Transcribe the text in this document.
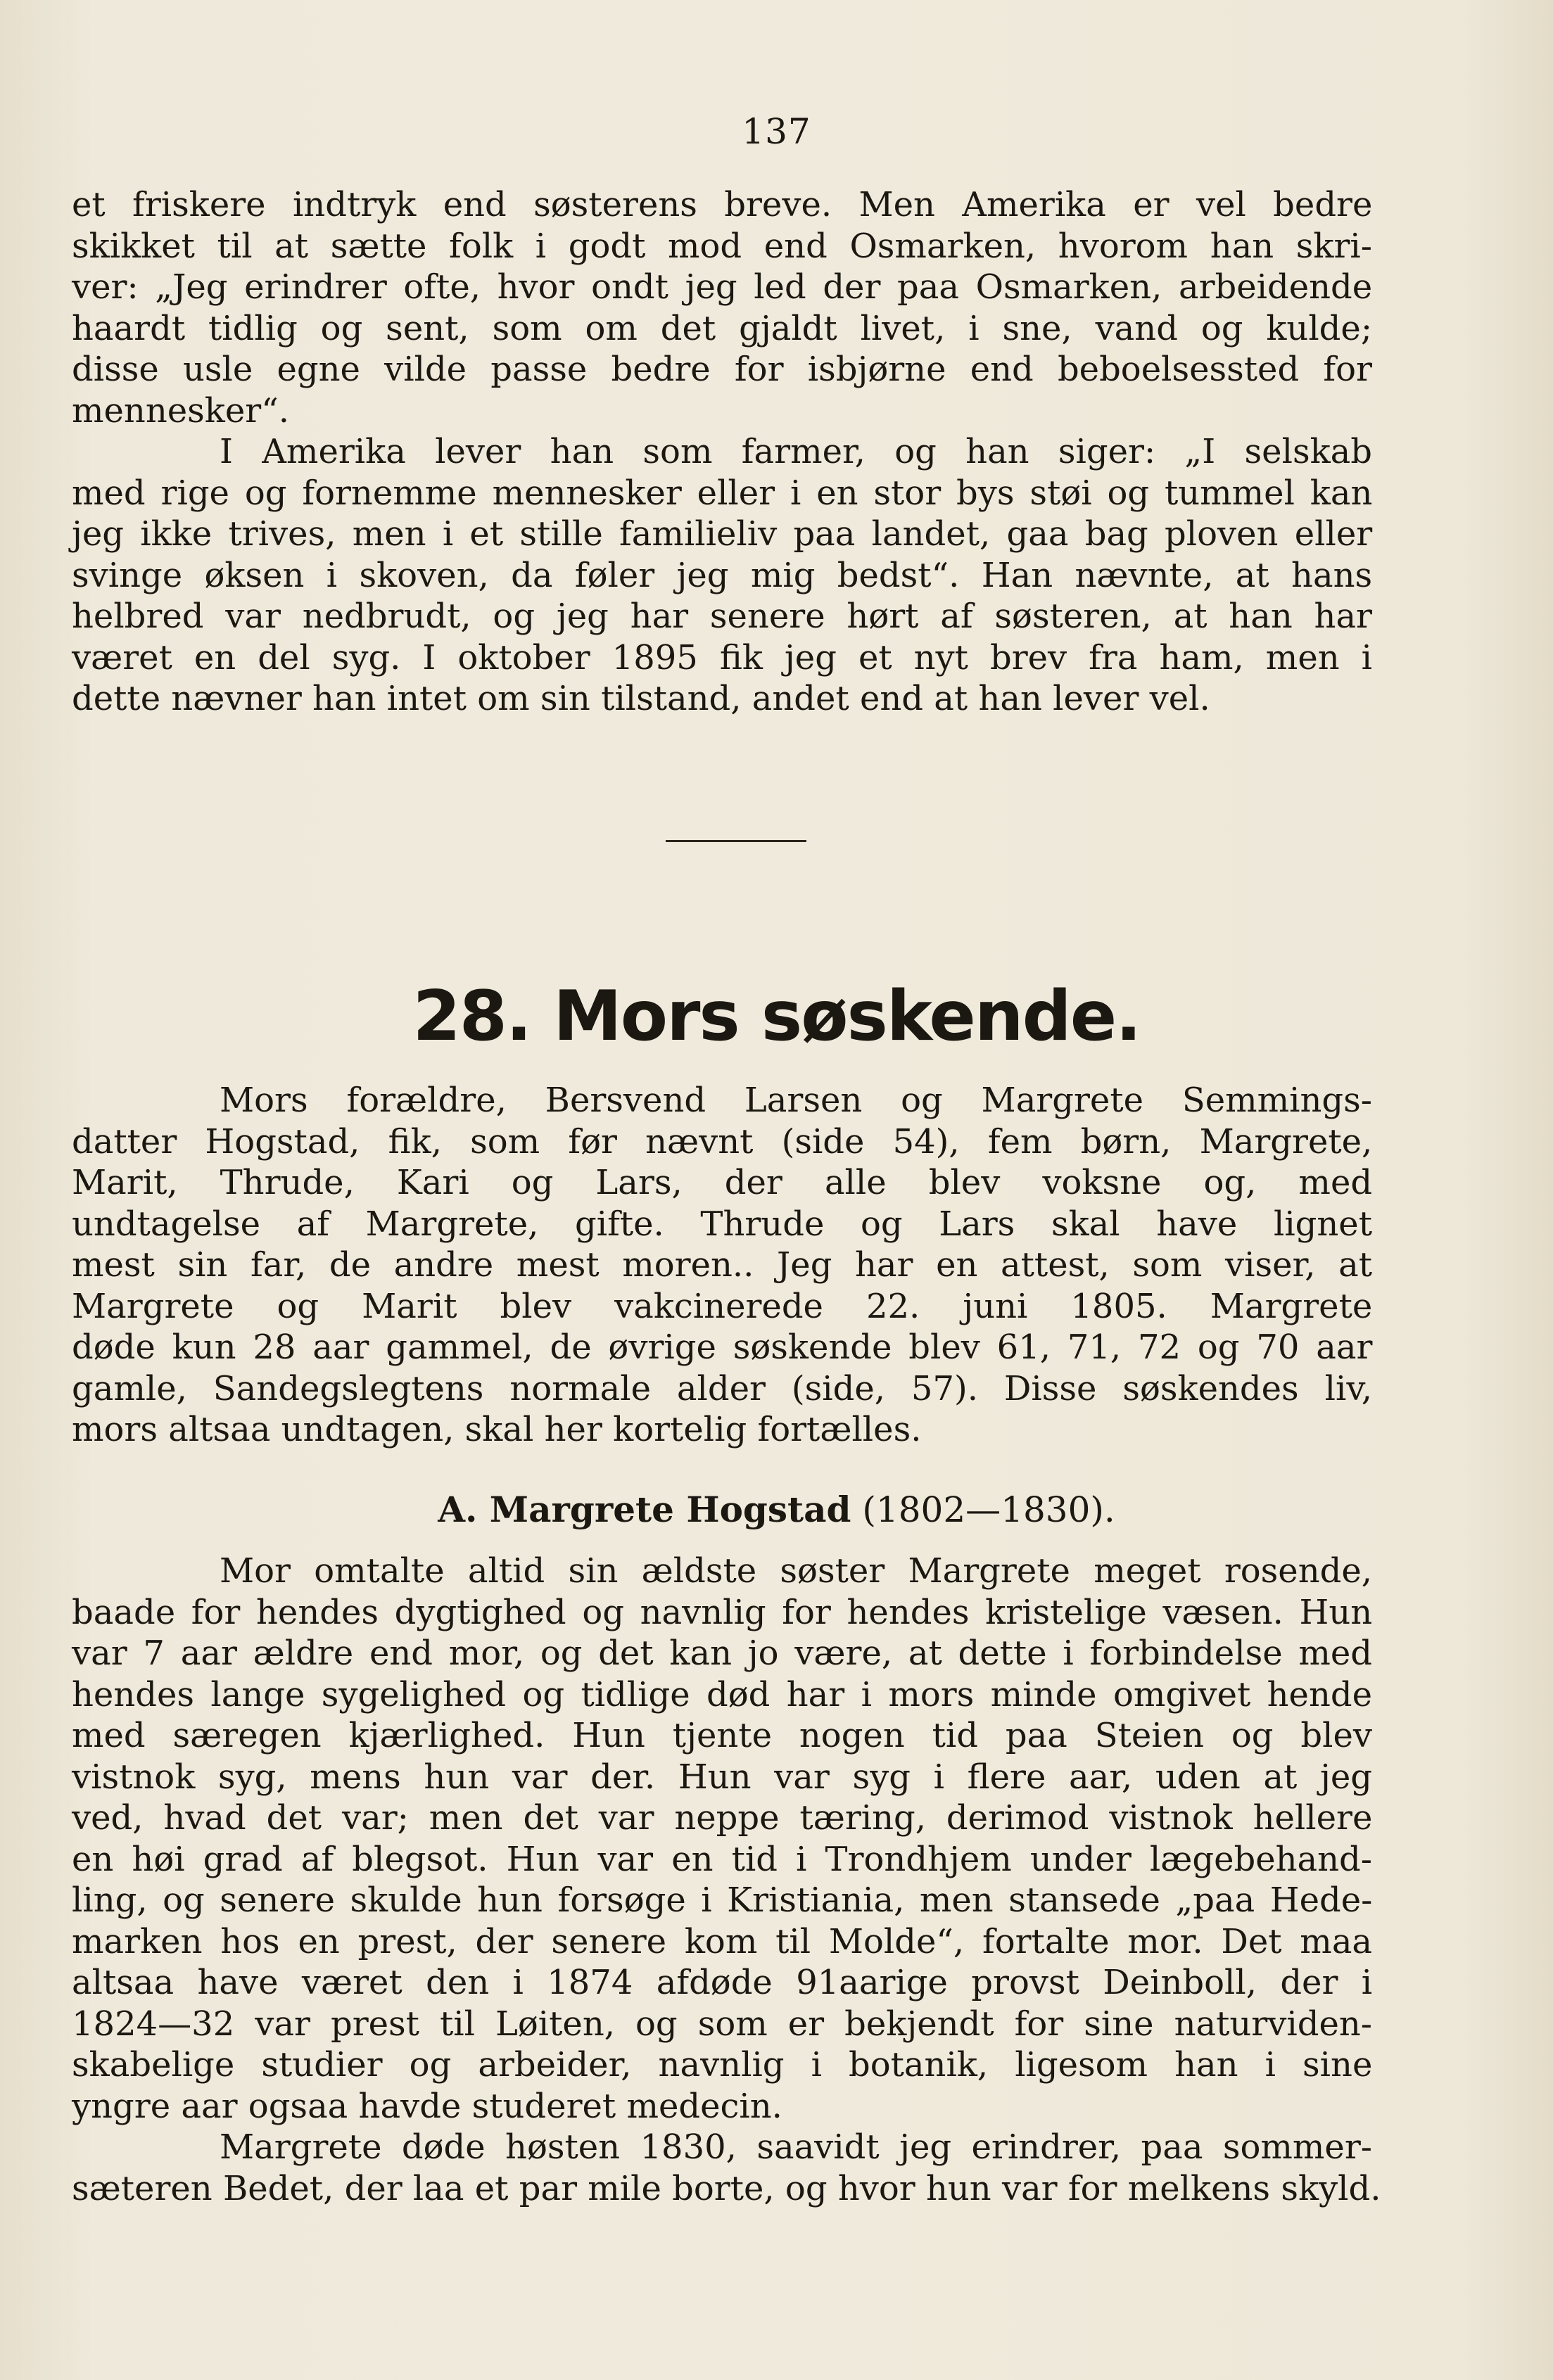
137
et friskere indtryk end søsterens breve. Men Amerika er vel bedre
skikket til at sætte folk i godt mod end Osmarken, hvorom han skri-
ver: „Jeg erindrer ofte, hvor ondt jeg led der paa Osmarken, arbeidende
haardt tidlig og sent, som om det gjaldt livet, i sne, vand og kulde;
disse usle egne vilde passe bedre for isbjørne end beboelsessted for
mennesker“.
I Amerika lever han som farmer, og han siger: „I selskab
med rige og fornemme mennesker eller i en stor bys støi og tummel kan
jeg ikke trives, men i et stille familieliv paa landet, gaa bag ploven eller
svinge øksen i skoven, da føler jeg mig bedst“. Han nævnte, at hans
helbred var nedbrudt, og jeg har senere hørt af søsteren, at han har
været en del syg. I oktober 1895 fik jeg et nyt brev fra ham, men i
dette nævner han intet om sin tilstand, andet end at han lever vel.
28. Mors søskende.
Mors forældre, Bersvend Larsen og Margrete Semmings-
datter Hogstad, fik, som før nævnt (side 54), fem børn, Margrete,
Marit, Thrude, Kari og Lars, der alle blev voksne og, med
undtagelse af Margrete, gifte. Thrude og Lars skal have lignet
mest sin far, de andre mest moren.. Jeg har en attest, som viser, at
Margrete og Marit blev vakcinerede 22. juni 1805. Margrete
døde kun 28 aar gammel, de øvrige søskende blev 61, 71, 72 og 70 aar
gamle, Sandegslegtens normale alder (side, 57). Disse søskendes liv,
mors altsaa undtagen, skal her kortelig fortælles.
A. Margrete Hogstad (1802—1830).
Mor omtalte altid sin ældste søster Margrete meget rosende,
baade for hendes dygtighed og navnlig for hendes kristelige væsen. Hun
var 7 aar ældre end mor, og det kan jo være, at dette i forbindelse med
hendes lange sygelighed og tidlige død har i mors minde omgivet hende
med særegen kjærlighed. Hun tjente nogen tid paa Steien og blev
vistnok syg, mens hun var der. Hun var syg i flere aar, uden at jeg
ved, hvad det var; men det var neppe tæring, derimod vistnok hellere
en høi grad af blegsot. Hun var en tid i Trondhjem under lægebehand-
ling, og senere skulde hun forsøge i Kristiania, men stansede „paa Hede-
marken hos en prest, der senere kom til Molde“, fortalte mor. Det maa
altsaa have været den i 1874 afdøde 91aarige provst Deinboll, der i
1824—32 var prest til Løiten, og som er bekjendt for sine naturviden-
skabelige studier og arbeider, navnlig i botanik, ligesom han i sine
yngre aar ogsaa havde studeret medecin.
Margrete døde høsten 1830, saavidt jeg erindrer, paa sommer-
sæteren Bedet, der laa et par mile borte, og hvor hun var for melkens skyld.
